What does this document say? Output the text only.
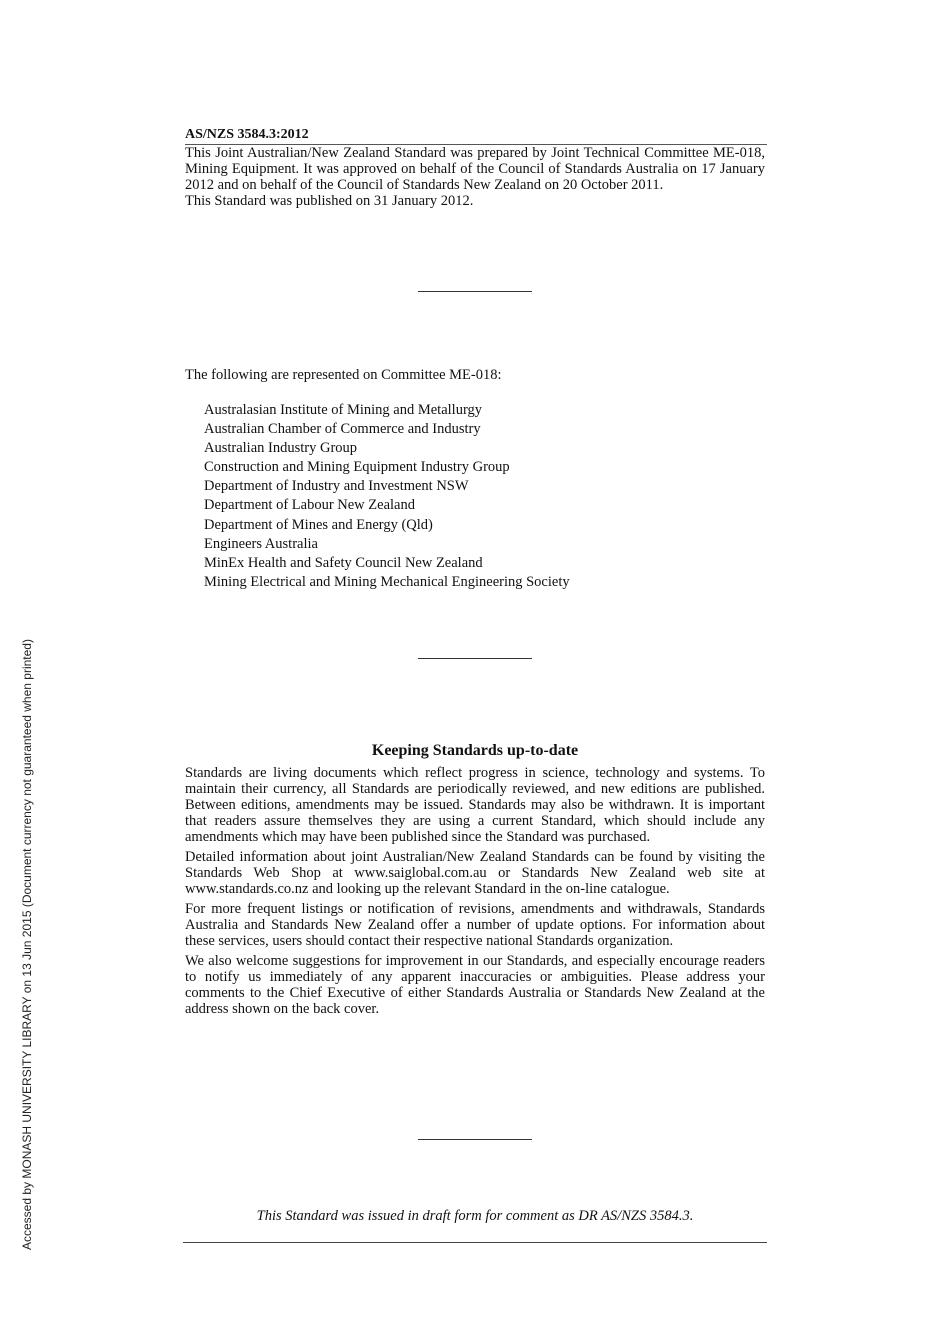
AS/NZS 3584.3:2012

This Joint Australian/New Zealand Standard was prepared by Joint Technical Committee ME-018, Mining Equipment. It was approved on behalf of the Council of Standards Australia on 17 January 2012 and on behalf of the Council of Standards New Zealand on 20 October 2011.

This Standard was published on 31 January 2012.

The following are represented on Committee ME-018:
Australasian Institute of Mining and Metallurgy
Australian Chamber of Commerce and Industry
Australian Industry Group
Construction and Mining Equipment Industry Group
Department of Industry and Investment NSW
Department of Labour New Zealand
Department of Mines and Energy (Qld)
Engineers Australia
MinEx Health and Safety Council New Zealand
Mining Electrical and Mining Mechanical Engineering Society
Keeping Standards up-to-date

Standards are living documents which reflect progress in science, technology and systems. To maintain their currency, all Standards are periodically reviewed, and new editions are published. Between editions, amendments may be issued. Standards may also be withdrawn. It is important that readers assure themselves they are using a current Standard, which should include any amendments which may have been published since the Standard was purchased.

Detailed information about joint Australian/New Zealand Standards can be found by visiting the Standards Web Shop at www.saiglobal.com.au or Standards New Zealand web site at www.standards.co.nz and looking up the relevant Standard in the on-line catalogue.

For more frequent listings or notification of revisions, amendments and withdrawals, Standards Australia and Standards New Zealand offer a number of update options. For information about these services, users should contact their respective national Standards organization.

We also welcome suggestions for improvement in our Standards, and especially encourage readers to notify us immediately of any apparent inaccuracies or ambiguities. Please address your comments to the Chief Executive of either Standards Australia or Standards New Zealand at the address shown on the back cover.

This Standard was issued in draft form for comment as DR AS/NZS 3584.3.
Accessed by MONASH UNIVERSITY LIBRARY on 13 Jun 2015 (Document currency not guaranteed when printed)
